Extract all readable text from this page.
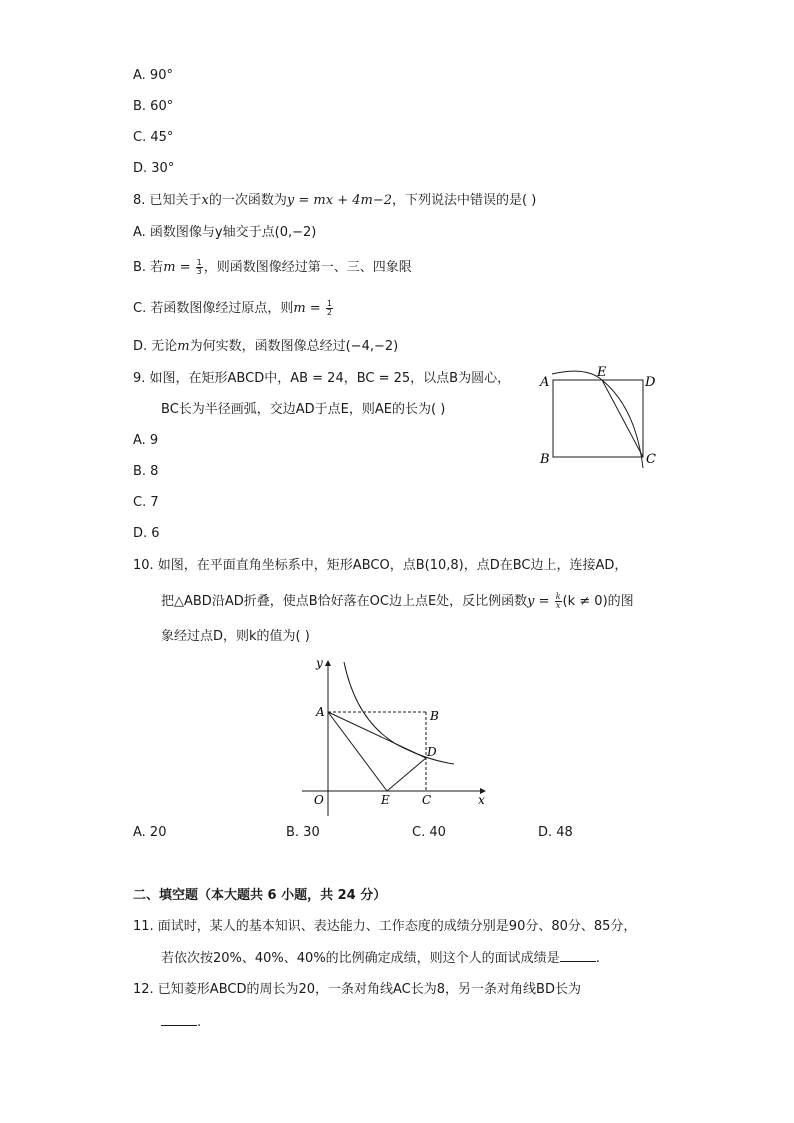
A. 90°
B. 60°
C. 45°
D. 30°
8. 已知关于x的一次函数为y = mx + 4m−2，下列说法中错误的是( )
A. 函数图像与y轴交于点(0,−2)
B. 若$m = \frac{1}{3}$ ，则函数图像经过第一、三、四象限
C. 若函数图像经过原点，则$m = \frac{1}{2}$
D. 无论m为何实数，函数图像总经过(−4,−2)
9. 如图，在矩形ABCD中，AB = 24，BC = 25，以点B为圆心，
BC长为半径画弧，交边AD于点E，则AE的长为( )
A. 9
B. 8
C. 7
D. 6
A
E
D
B	C
10. 如图，在平面直角坐标系中，矩形ABCO，点B(10,8)，点D在BC边上，连接AD，
把△ABD沿AD折叠，使点B恰好落在OC边上点E处，反比例函数$y = \frac{k}{x} (k \ne 0)$的图
象经过点D，则k的值为( )
y
x
O
A	B
C
D
E
A. 20	B. 30	C. 40	D. 48
二、填空题（本大题共 6 小题，共 24 分）
11. 面试时，某人的基本知识、表达能力、工作态度的成绩分别是90分、80分、85分，
若依次按20%、40%、40%的比例确定成绩，则这个人的面试成绩是	.
12. 已知菱形ABCD的周长为20，一条对角线AC长为8，另一条对角线BD长为
.
